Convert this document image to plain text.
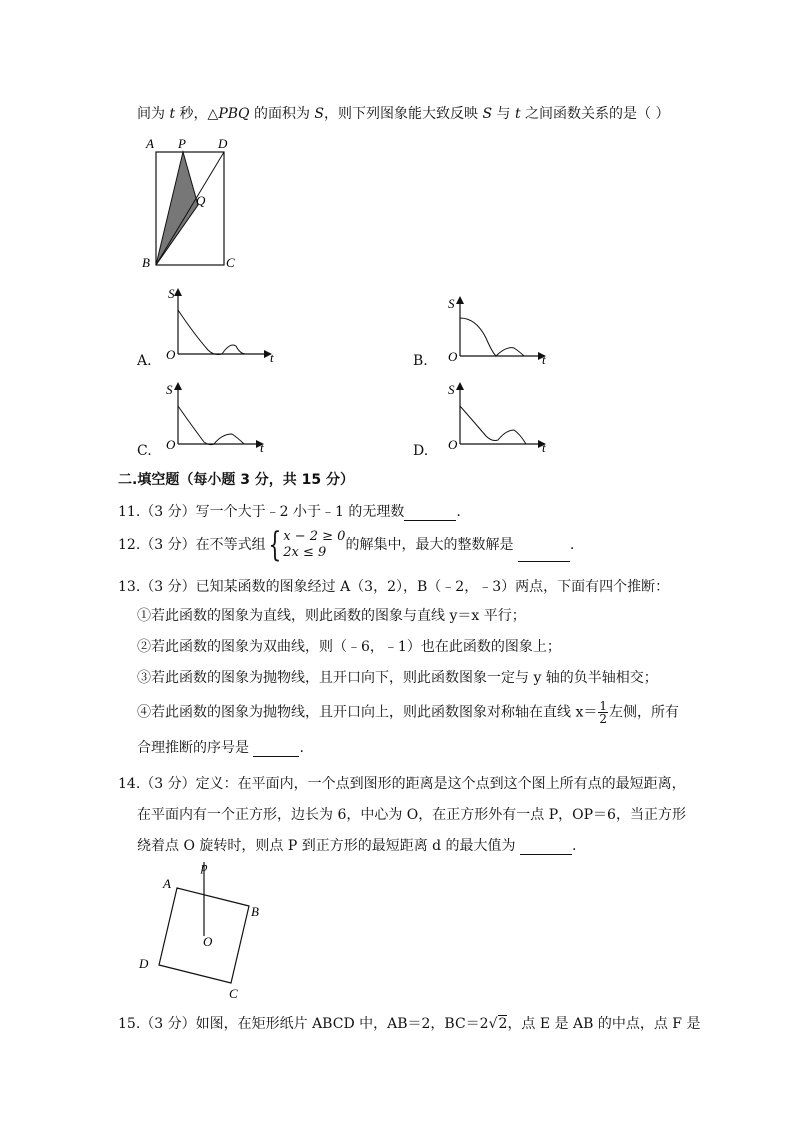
间为 t 秒，△PBQ 的面积为 S，则下列图象能大致反映 S 与 t 之间函数关系的是（ ）
A P D
Q
B	C
A.
S
O	t	B.
S
O	t
C.
S
O	t	D.
S
O	t
二.填空题（每小题 3 分，共 15 分）
11.（3 分）写一个大于﹣2 小于﹣1 的无理数	.
12.（3 分）在不等式组{ x − 2 ≥ 0
2x ≤ 9	的解集中，最大的整数解是	.
13.（3 分）已知某函数的图象经过 A（3，2），B（﹣2，﹣3）两点，下面有四个推断：
①若此函数的图象为直线，则此函数的图象与直线 y＝x 平行；
②若此函数的图象为双曲线，则（﹣6，﹣1）也在此函数的图象上；
③若此函数的图象为抛物线，且开口向下，则此函数图象一定与 y 轴的负半轴相交；
④若此函数的图象为抛物线，且开口向上，则此函数图象对称轴在直线 $x= \frac{1}{2}$ 左侧，所有
合理推断的序号是	.
14.（3 分）定义：在平面内，一个点到图形的距离是这个点到这个图上所有点的最短距离，
在平面内有一个正方形，边长为 6，中心为 O，在正方形外有一点 P，OP＝6，当正方形
绕着点 O 旋转时，则点 P 到正方形的最短距离 d 的最大值为	.
p
A
B
C
D
O
15.（3 分）如图，在矩形纸片 ABCD 中，AB＝2，BC＝2√2，点 E 是 AB 的中点，点 F 是
